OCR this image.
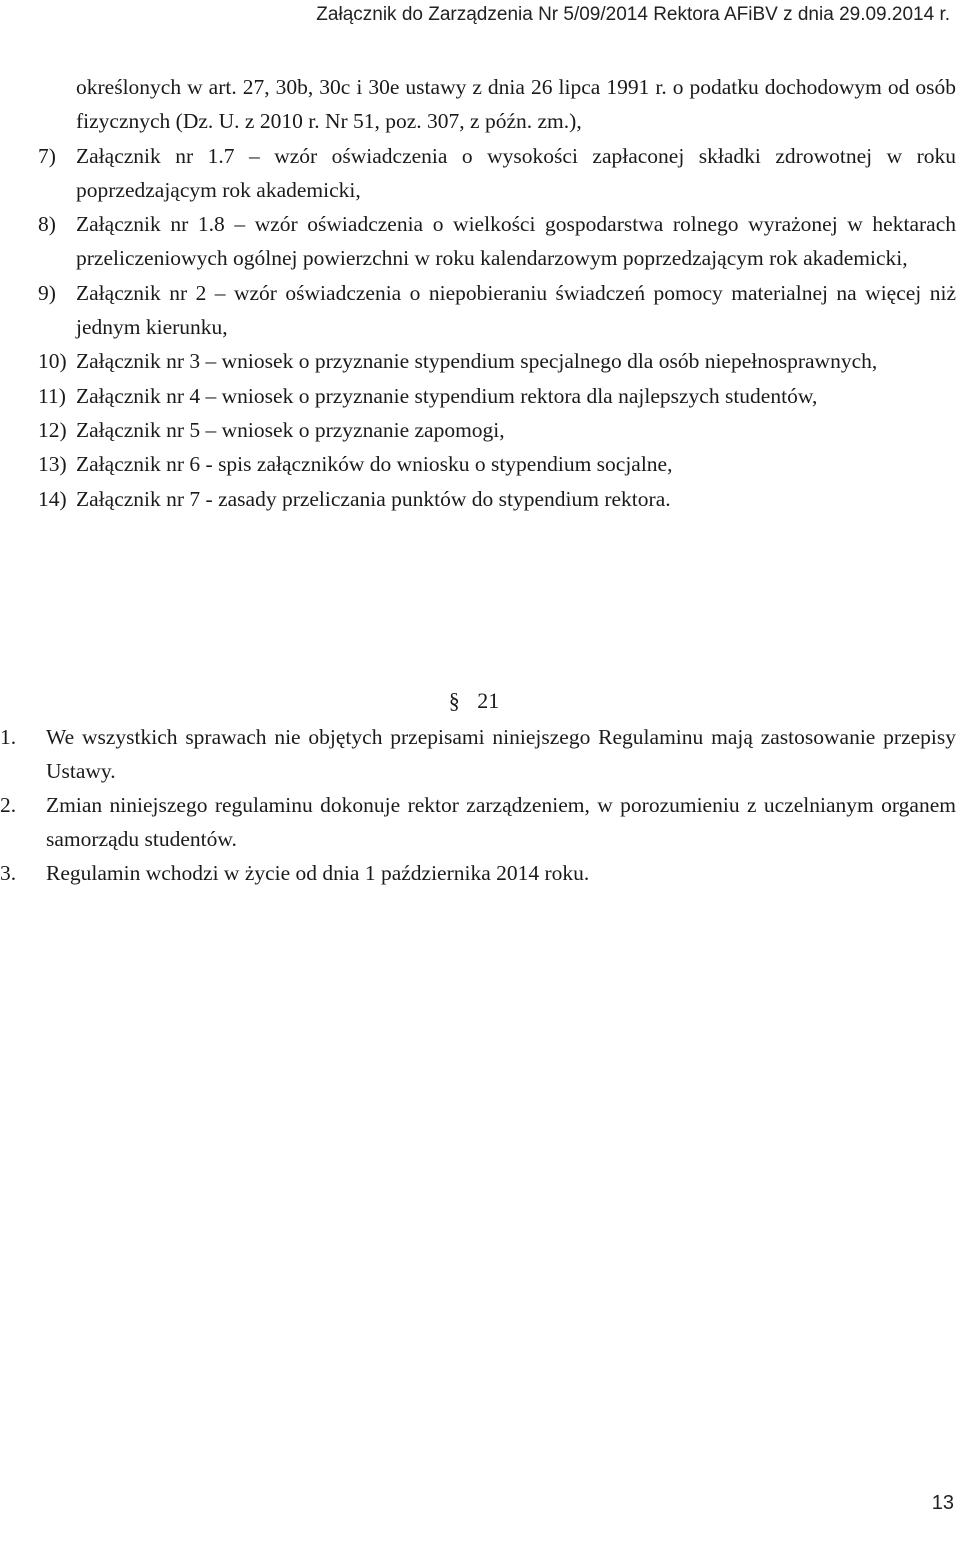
Załącznik do Zarządzenia Nr 5/09/2014 Rektora AFiBV z dnia 29.09.2014 r.
określonych w art. 27, 30b, 30c i 30e ustawy z dnia 26 lipca 1991 r. o podatku dochodowym od osób fizycznych (Dz. U. z 2010 r. Nr 51, poz. 307, z późn. zm.),
7) Załącznik nr 1.7 – wzór oświadczenia o wysokości zapłaconej składki zdrowotnej w roku poprzedzającym rok akademicki,
8) Załącznik nr 1.8 – wzór oświadczenia o wielkości gospodarstwa rolnego wyrażonej w hektarach przeliczeniowych ogólnej powierzchni w roku kalendarzowym poprzedzającym rok akademicki,
9) Załącznik nr 2 – wzór oświadczenia o niepobieraniu świadczeń pomocy materialnej na więcej niż jednym kierunku,
10) Załącznik nr 3 – wniosek o przyznanie stypendium specjalnego dla osób niepełnosprawnych,
11) Załącznik nr 4 – wniosek o przyznanie stypendium rektora dla najlepszych studentów,
12) Załącznik nr 5 – wniosek o przyznanie zapomogi,
13) Załącznik nr 6 - spis załączników do wniosku o stypendium socjalne,
14) Załącznik nr 7 - zasady przeliczania punktów do stypendium rektora.
§ 21
1. We wszystkich sprawach nie objętych przepisami niniejszego Regulaminu mają zastosowanie przepisy Ustawy.
2. Zmian niniejszego regulaminu dokonuje rektor zarządzeniem, w porozumieniu z uczelnianym organem samorządu studentów.
3. Regulamin wchodzi w życie od dnia 1 października 2014 roku.
13
